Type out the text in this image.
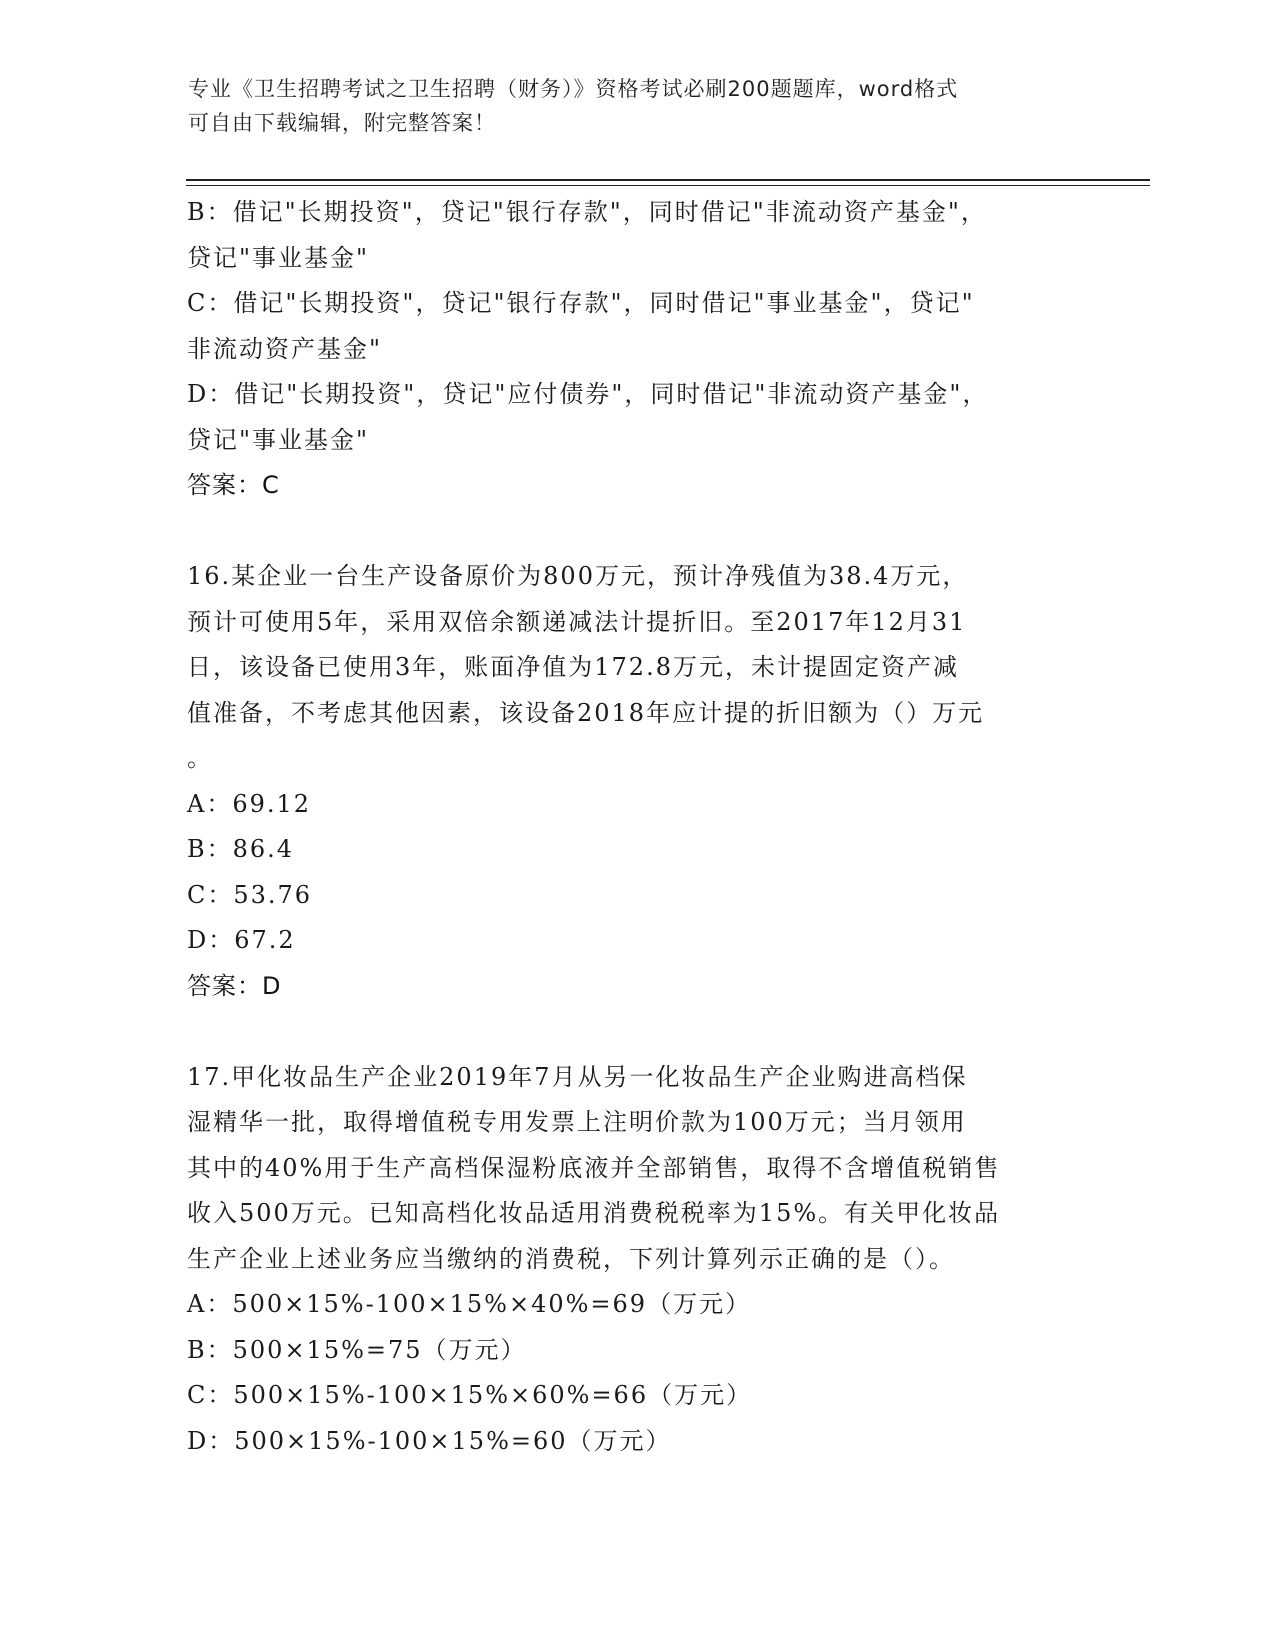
专业《卫生招聘考试之卫生招聘（财务）》资格考试必刷200题题库，word格式
可自由下载编辑，附完整答案！

B：借记"长期投资"，贷记"银行存款"，同时借记"非流动资产基金"，

贷记"事业基金"

C：借记"长期投资"，贷记"银行存款"，同时借记"事业基金"，贷记"

非流动资产基金"

D：借记"长期投资"，贷记"应付债券"，同时借记"非流动资产基金"，

贷记"事业基金"

答案：C

16.某企业一台生产设备原价为800万元，预计净残值为38.4万元，

预计可使用5年，采用双倍余额递减法计提折旧。至2017年12月31

日，该设备已使用3年，账面净值为172.8万元，未计提固定资产减

值准备，不考虑其他因素，该设备2018年应计提的折旧额为（）万元

。

A：69.12

B：86.4

C：53.76

D：67.2

答案：D

17.甲化妆品生产企业2019年7月从另一化妆品生产企业购进高档保

湿精华一批，取得增值税专用发票上注明价款为100万元；当月领用

其中的40%用于生产高档保湿粉底液并全部销售，取得不含增值税销售

收入500万元。已知高档化妆品适用消费税税率为15%。有关甲化妆品

生产企业上述业务应当缴纳的消费税，下列计算列示正确的是（）。

A：500×15%-100×15%×40%=69（万元）

B：500×15%=75（万元）

C：500×15%-100×15%×60%=66（万元）

D：500×15%-100×15%=60（万元）
